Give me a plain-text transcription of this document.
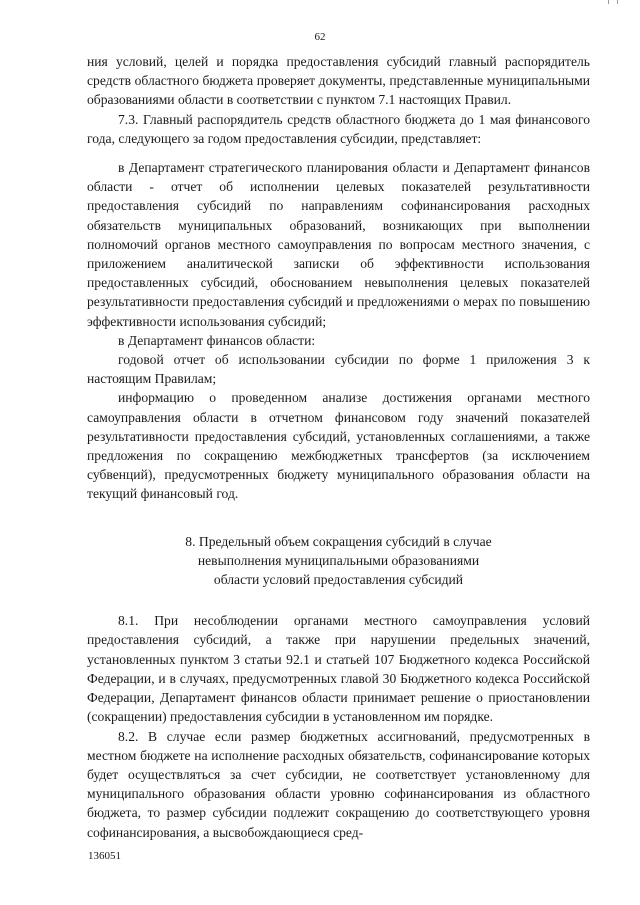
62

ния условий, целей и порядка предоставления субсидий главный распорядитель средств областного бюджета проверяет документы, представленные муниципальными образованиями области в соответствии с пунктом 7.1 настоящих Правил.

7.3. Главный распорядитель средств областного бюджета до 1 мая финансового года, следующего за годом предоставления субсидии, представляет:

в Департамент стратегического планирования области и Департамент финансов области - отчет об исполнении целевых показателей результативности предоставления субсидий по направлениям софинансирования расходных обязательств муниципальных образований, возникающих при выполнении полномочий органов местного самоуправления по вопросам местного значения, с приложением аналитической записки об эффективности использования предоставленных субсидий, обоснованием невыполнения целевых показателей результативности предоставления субсидий и предложениями о мерах по повышению эффективности использования субсидий;

в Департамент финансов области:

годовой отчет об использовании субсидии по форме 1 приложения 3 к настоящим Правилам;

информацию о проведенном анализе достижения органами местного самоуправления области в отчетном финансовом году значений показателей результативности предоставления субсидий, установленных соглашениями, а также предложения по сокращению межбюджетных трансфертов (за исключением субвенций), предусмотренных бюджету муниципального образования области на текущий финансовый год.

8. Предельный объем сокращения субсидий в случае
невыполнения муниципальными образованиями
области условий предоставления субсидий

8.1. При несоблюдении органами местного самоуправления условий предоставления субсидий, а также при нарушении предельных значений, установленных пунктом 3 статьи 92.1 и статьей 107 Бюджетного кодекса Российской Федерации, и в случаях, предусмотренных главой 30 Бюджетного кодекса Российской Федерации, Департамент финансов области принимает решение о приостановлении (сокращении) предоставления субсидии в установленном им порядке.

8.2. В случае если размер бюджетных ассигнований, предусмотренных в местном бюджете на исполнение расходных обязательств, софинансирование которых будет осуществляться за счет субсидии, не соответствует установленному для муниципального образования области уровню софинансирования из областного бюджета, то размер субсидии подлежит сокращению до соответствующего уровня софинансирования, а высвобождающиеся сред-

136051
